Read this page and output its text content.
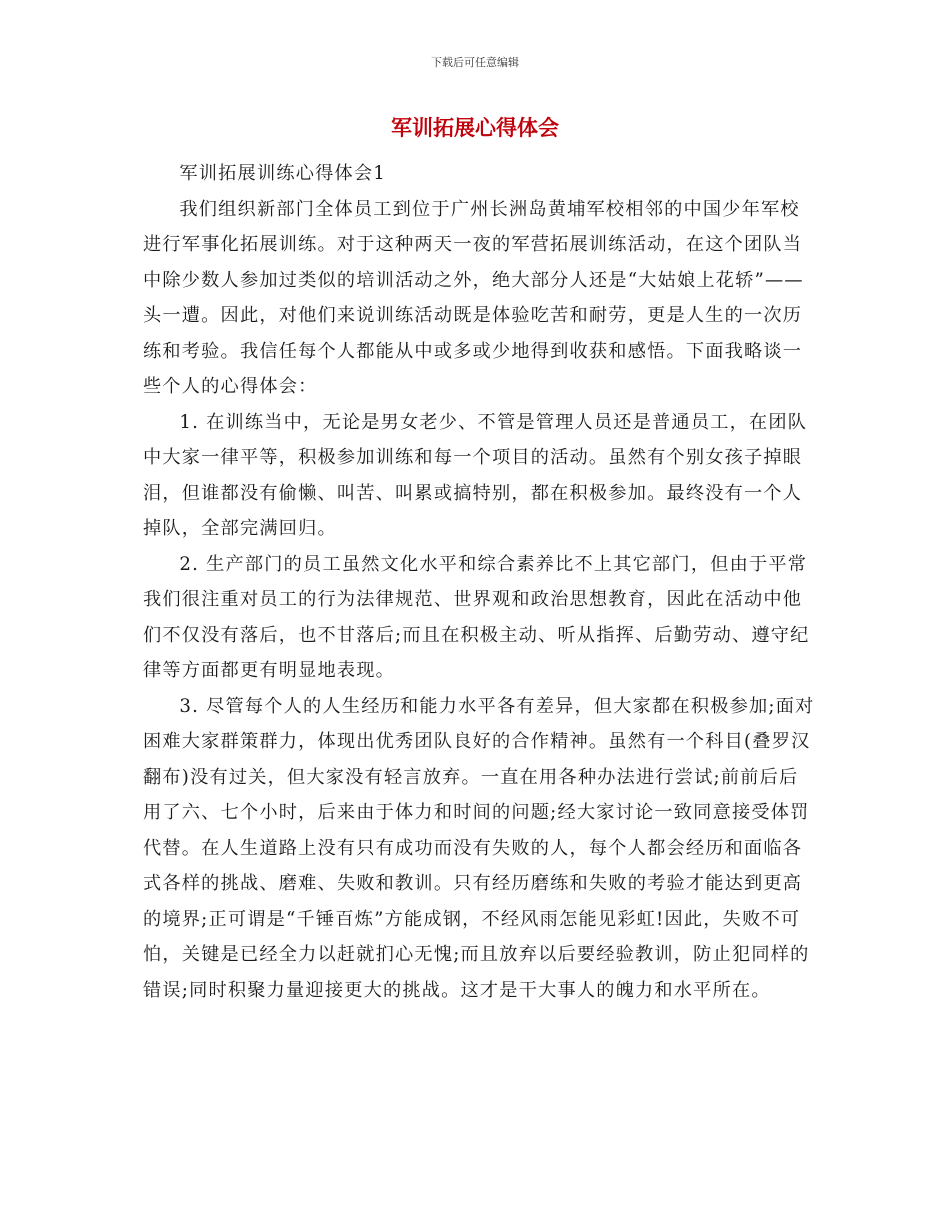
下载后可任意编辑
军训拓展心得体会

军训拓展训练心得体会1

我们组织新部门全体员工到位于广州长洲岛黄埔军校相邻的中国少年军校进行军事化拓展训练。对于这种两天一夜的军营拓展训练活动，在这个团队当中除少数人参加过类似的培训活动之外，绝大部分人还是“大姑娘上花轿”——头一遭。因此，对他们来说训练活动既是体验吃苦和耐劳，更是人生的一次历练和考验。我信任每个人都能从中或多或少地得到收获和感悟。下面我略谈一些个人的心得体会：

1. 在训练当中，无论是男女老少、不管是管理人员还是普通员工，在团队中大家一律平等，积极参加训练和每一个项目的活动。虽然有个别女孩子掉眼泪，但谁都没有偷懒、叫苦、叫累或搞特别，都在积极参加。最终没有一个人掉队，全部完满回归。

2. 生产部门的员工虽然文化水平和综合素养比不上其它部门，但由于平常我们很注重对员工的行为法律规范、世界观和政治思想教育，因此在活动中他们不仅没有落后，也不甘落后;而且在积极主动、听从指挥、后勤劳动、遵守纪律等方面都更有明显地表现。

3. 尽管每个人的人生经历和能力水平各有差异，但大家都在积极参加;面对困难大家群策群力，体现出优秀团队良好的合作精神。虽然有一个科目(叠罗汉翻布)没有过关，但大家没有轻言放弃。一直在用各种办法进行尝试;前前后后用了六、七个小时，后来由于体力和时间的问题;经大家讨论一致同意接受体罚代替。在人生道路上没有只有成功而没有失败的人，每个人都会经历和面临各式各样的挑战、磨难、失败和教训。只有经历磨练和失败的考验才能达到更高的境界;正可谓是“千锤百炼”方能成钢，不经风雨怎能见彩虹!因此，失败不可怕，关键是已经全力以赶就扪心无愧;而且放弃以后要经验教训，防止犯同样的错误;同时积聚力量迎接更大的挑战。这才是干大事人的魄力和水平所在。
